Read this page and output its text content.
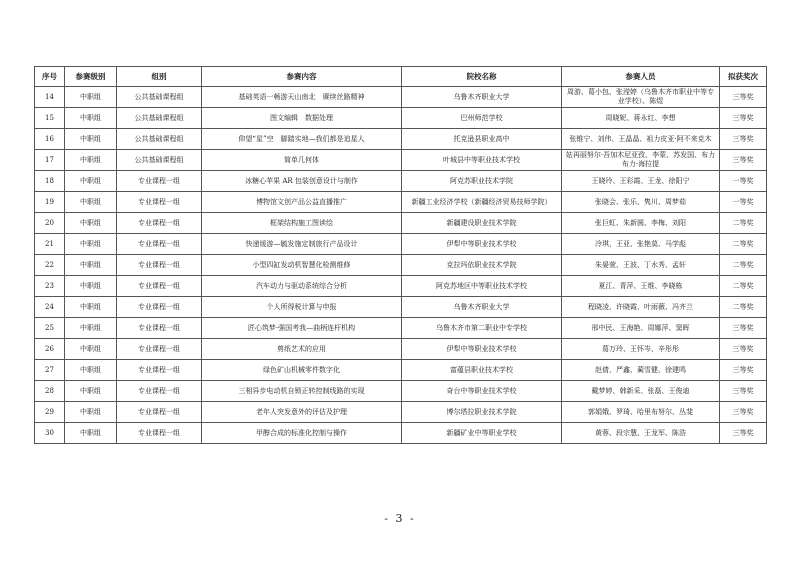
序号	参赛级别	组别	参赛内容	院校名称	参赛人员	拟获奖次
14	中职组	公共基础课程组	基础英语一畅游天山南北　赓续丝路精神	乌鲁木齐职业大学	周游、葛小包、张滢婷（乌鲁木齐市职业中等专业学校）、陈煜	三等奖
15	中职组	公共基础课程组	图文编辑　数据处理	巴州师范学校	周晓妮、蒋永红、李想	三等奖
16	中职组	公共基础课程组	仰望“星”空　脚踏实地—我们都是追星人	托克逊县职业高中	张锥宁、刘伟、王晶晶、祖力皮亚·阿不来克木	三等奖
17	中职组	公共基础课程组	简单几何体	叶城县中等职业技术学校	姑再丽努尔·吾加木尼亚孜、李蒙、苏发国、布力布力·海拉提	三等奖
18	中职组	专业课程一组	冰糖心苹果 AR 包装创意设计与制作	阿克苏职业技术学院	王晓玲、王彩霞、王龙、徐阳宁	一等奖
19	中职组	专业课程一组	博物馆文创产品公益直播推广	新疆工业经济学校（新疆经济贸易技师学院）	张晓会、张乐、隽川、周梦茹	一等奖
20	中职组	专业课程一组	框架结构施工图读绘	新疆建设职业技术学院	张巨虹、朱新圆、李梅、刘阳	二等奖
21	中职组	专业课程一组	快递缓游—毓发施定制旅行产品设计	伊犁中等职业技术学校	冷琪、王亚、张艳莫、马学彪	二等奖
22	中职组	专业课程一组	小型四缸发动机智慧化检测维修	克拉玛依职业技术学院	朱晏萱、王波、丁水秀、孟轩	二等奖
23	中职组	专业课程一组	汽车动力与驱动系统综合分析	阿克苏地区中等职业技术学校	夏江、青萍、王维、李晓栋	二等奖
24	中职组	专业课程一组	个人所得税计算与申报	乌鲁木齐职业大学	程晓凌、许晓霞、叶雨薇、冯齐兰	二等奖
25	中职组	专业课程一组	匠心筑梦·强国考我—曲柄连杆机构	乌鲁木齐市第二职业中专学校	邢中民、王海艳、周娜萍、窦晖	三等奖
26	中职组	专业课程一组	剪纸艺术的应用	伊犁中等职业技术学校	葛万玲、王怀岑、辛彤彤	三等奖
27	中职组	专业课程一组	绿色矿山机械零件数字化	富蕴县职业技术学校	赵倩、严鑫、蔺雪健、徐建鸣	三等奖
28	中职组	专业课程一组	三相异步电动机自锁正转控制线路的实现	奇台中等职业技术学校	戴梦婷、韩新采、张磊、王俊迪	三等奖
29	中职组	专业课程一组	老年人突发意外的评估及护理	博尔塔拉职业技术学院	郭娟娥、罗琦、哈里布努尔、丛斐	三等奖
30	中职组	专业课程一组	甲醇合成的标准化控制与操作	新疆矿业中等职业学校	黄蓉、段宗慧、王龙军、陈浩	三等奖
- 3 -
